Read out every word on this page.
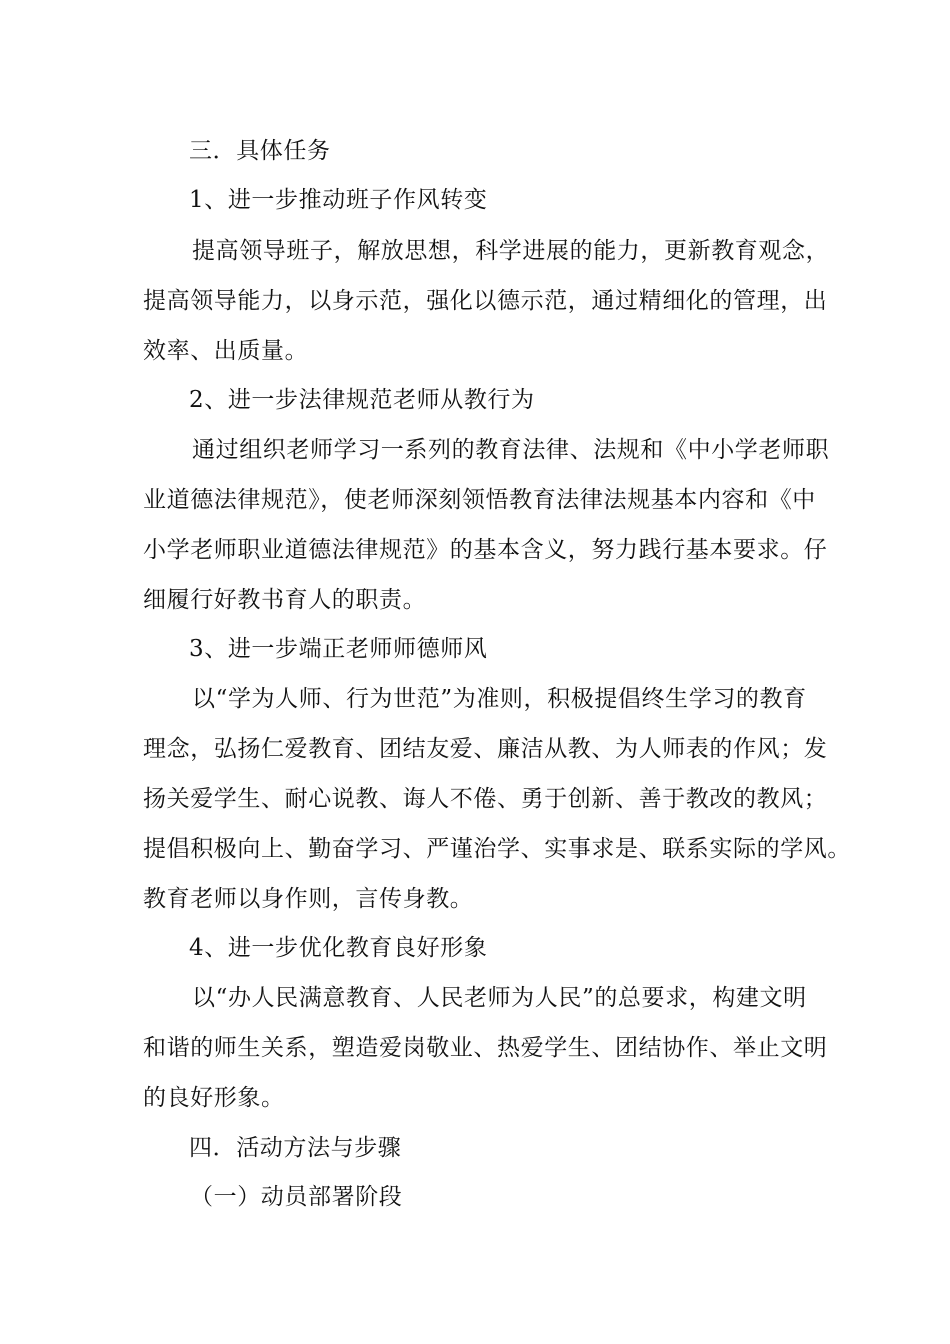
三．具体任务
1、进一步推动班子作风转变
提高领导班子，解放思想，科学进展的能力，更新教育观念，
提高领导能力，以身示范，强化以德示范，通过精细化的管理，出
效率、出质量。
2、进一步法律规范老师从教行为
通过组织老师学习一系列的教育法律、法规和《中小学老师职
业道德法律规范》，使老师深刻领悟教育法律法规基本内容和《中
小学老师职业道德法律规范》的基本含义，努力践行基本要求。仔
细履行好教书育人的职责。
3、进一步端正老师师德师风
以“学为人师、行为世范”为准则，积极提倡终生学习的教育
理念，弘扬仁爱教育、团结友爱、廉洁从教、为人师表的作风；发
扬关爱学生、耐心说教、诲人不倦、勇于创新、善于教改的教风；
提倡积极向上、勤奋学习、严谨治学、实事求是、联系实际的学风。
教育老师以身作则，言传身教。
4、进一步优化教育良好形象
以“办人民满意教育、人民老师为人民”的总要求，构建文明
和谐的师生关系，塑造爱岗敬业、热爱学生、团结协作、举止文明
的良好形象。
四．活动方法与步骤
（一）动员部署阶段
